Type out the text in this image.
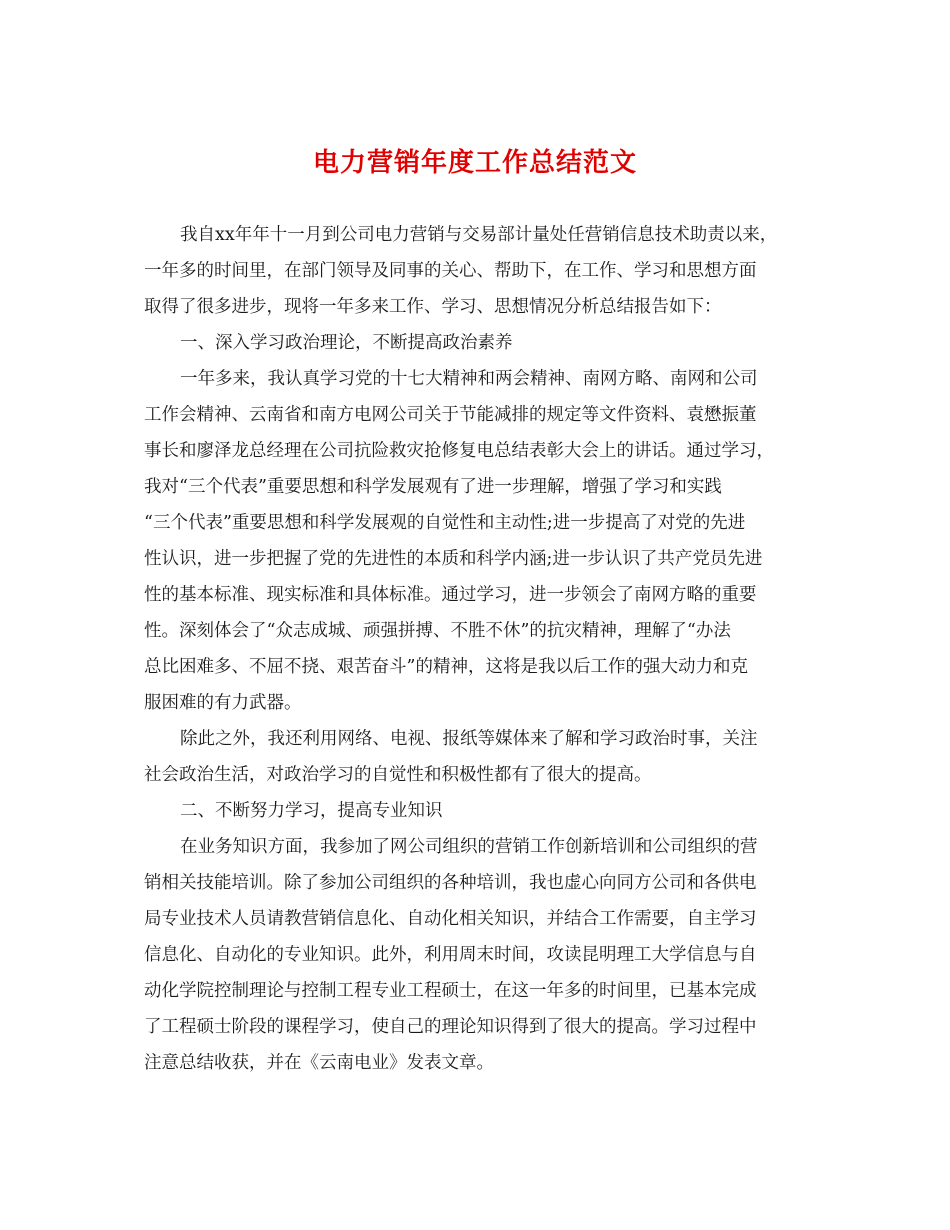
电力营销年度工作总结范文
我自xx年年十一月到公司电力营销与交易部计量处任营销信息技术助责以来，
一年多的时间里，在部门领导及同事的关心、帮助下，在工作、学习和思想方面
取得了很多进步，现将一年多来工作、学习、思想情况分析总结报告如下：
一、深入学习政治理论，不断提高政治素养
一年多来，我认真学习党的十七大精神和两会精神、南网方略、南网和公司
工作会精神、云南省和南方电网公司关于节能减排的规定等文件资料、袁懋振董
事长和廖泽龙总经理在公司抗险救灾抢修复电总结表彰大会上的讲话。通过学习，
我对“三个代表”重要思想和科学发展观有了进一步理解，增强了学习和实践
“三个代表”重要思想和科学发展观的自觉性和主动性;进一步提高了对党的先进
性认识，进一步把握了党的先进性的本质和科学内涵;进一步认识了共产党员先进
性的基本标准、现实标准和具体标准。通过学习，进一步领会了南网方略的重要
性。深刻体会了“众志成城、顽强拼搏、不胜不休”的抗灾精神，理解了“办法
总比困难多、不屈不挠、艰苦奋斗”的精神，这将是我以后工作的强大动力和克
服困难的有力武器。
除此之外，我还利用网络、电视、报纸等媒体来了解和学习政治时事，关注
社会政治生活，对政治学习的自觉性和积极性都有了很大的提高。
二、不断努力学习，提高专业知识
在业务知识方面，我参加了网公司组织的营销工作创新培训和公司组织的营
销相关技能培训。除了参加公司组织的各种培训，我也虚心向同方公司和各供电
局专业技术人员请教营销信息化、自动化相关知识，并结合工作需要，自主学习
信息化、自动化的专业知识。此外，利用周末时间，攻读昆明理工大学信息与自
动化学院控制理论与控制工程专业工程硕士，在这一年多的时间里，已基本完成
了工程硕士阶段的课程学习，使自己的理论知识得到了很大的提高。学习过程中
注意总结收获，并在《云南电业》发表文章。
